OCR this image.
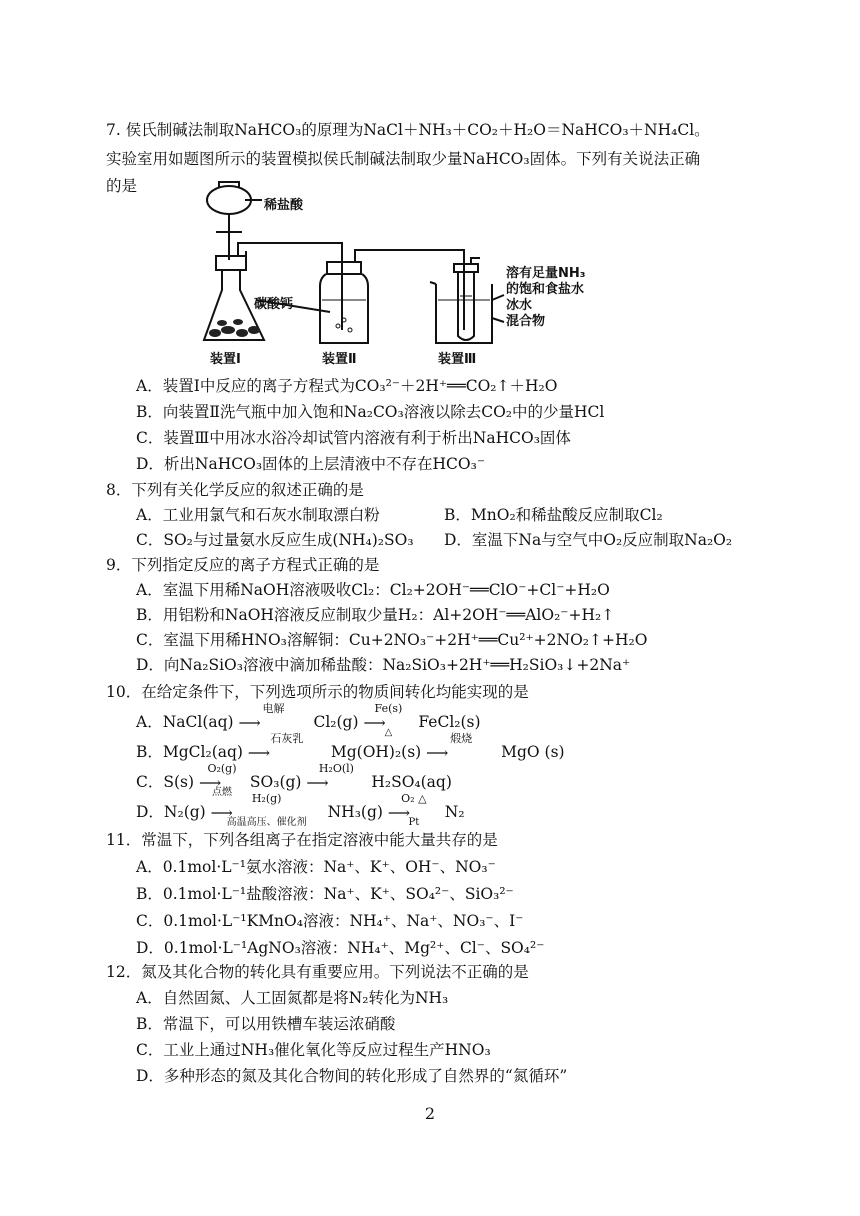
7. 侯氏制碱法制取NaHCO₃的原理为NaCl＋NH₃＋CO₂＋H₂O＝NaHCO₃＋NH₄Cl。
实验室用如题图所示的装置模拟侯氏制碱法制取少量NaHCO₃固体。下列有关说法正确
的是
稀盐酸
碳酸钙
溶有足量NH₃
的饱和食盐水
冰水
混合物
装置Ⅰ	装置Ⅱ	装置Ⅲ
A．装置Ⅰ中反应的离子方程式为CO₃²⁻＋2H⁺══CO₂↑＋H₂O
B．向装置Ⅱ洗气瓶中加入饱和Na₂CO₃溶液以除去CO₂中的少量HCl
C．装置Ⅲ中用冰水浴冷却试管内溶液有利于析出NaHCO₃固体
D．析出NaHCO₃固体的上层清液中不存在HCO₃⁻
8．下列有关化学反应的叙述正确的是
A．工业用氯气和石灰水制取漂白粉	B．MnO₂和稀盐酸反应制取Cl₂
C．SO₂与过量氨水反应生成(NH₄)₂SO₃ D．室温下Na与空气中O₂反应制取Na₂O₂
9．下列指定反应的离子方程式正确的是
A．室温下用稀NaOH溶液吸收Cl₂：Cl₂+2OH⁻══ClO⁻+Cl⁻+H₂O
B．用铝粉和NaOH溶液反应制取少量H₂：Al+2OH⁻══AlO₂⁻+H₂↑
C．室温下用稀HNO₃溶解铜：Cu+2NO₃⁻+2H⁺══Cu²⁺+2NO₂↑+H₂O
D．向Na₂SiO₃溶液中滴加稀盐酸：Na₂SiO₃+2H⁺══H₂SiO₃↓+2Na⁺
10．在给定条件下，下列选项所示的物质间转化均能实现的是
A．NaCl(aq)
电解
⟶	Cl₂(g)
Fe(s)
⟶
△
FeCl₂(s)
B．MgCl₂(aq)
石灰乳
⟶	Mg(OH)₂(s)
煅烧
⟶	MgO (s)
C．S(s)
O₂(g)
⟶
点燃
SO₃(g)
H₂O(l)
⟶	H₂SO₄(aq)
D．N₂(g)
H₂(g)
⟶
高温高压、催化剂
NH₃(g)
O₂ △
⟶
Pt
N₂
11．常温下，下列各组离子在指定溶液中能大量共存的是
A．0.1mol·L⁻¹氨水溶液：Na⁺、K⁺、OH⁻、NO₃⁻
B．0.1mol·L⁻¹盐酸溶液：Na⁺、K⁺、SO₄²⁻、SiO₃²⁻
C．0.1mol·L⁻¹KMnO₄溶液：NH₄⁺、Na⁺、NO₃⁻、I⁻
D．0.1mol·L⁻¹AgNO₃溶液：NH₄⁺、Mg²⁺、Cl⁻、SO₄²⁻
12．氮及其化合物的转化具有重要应用。下列说法不正确的是
A．自然固氮、人工固氮都是将N₂转化为NH₃
B．常温下，可以用铁槽车装运浓硝酸
C．工业上通过NH₃催化氧化等反应过程生产HNO₃
D．多种形态的氮及其化合物间的转化形成了自然界的“氮循环”
2
